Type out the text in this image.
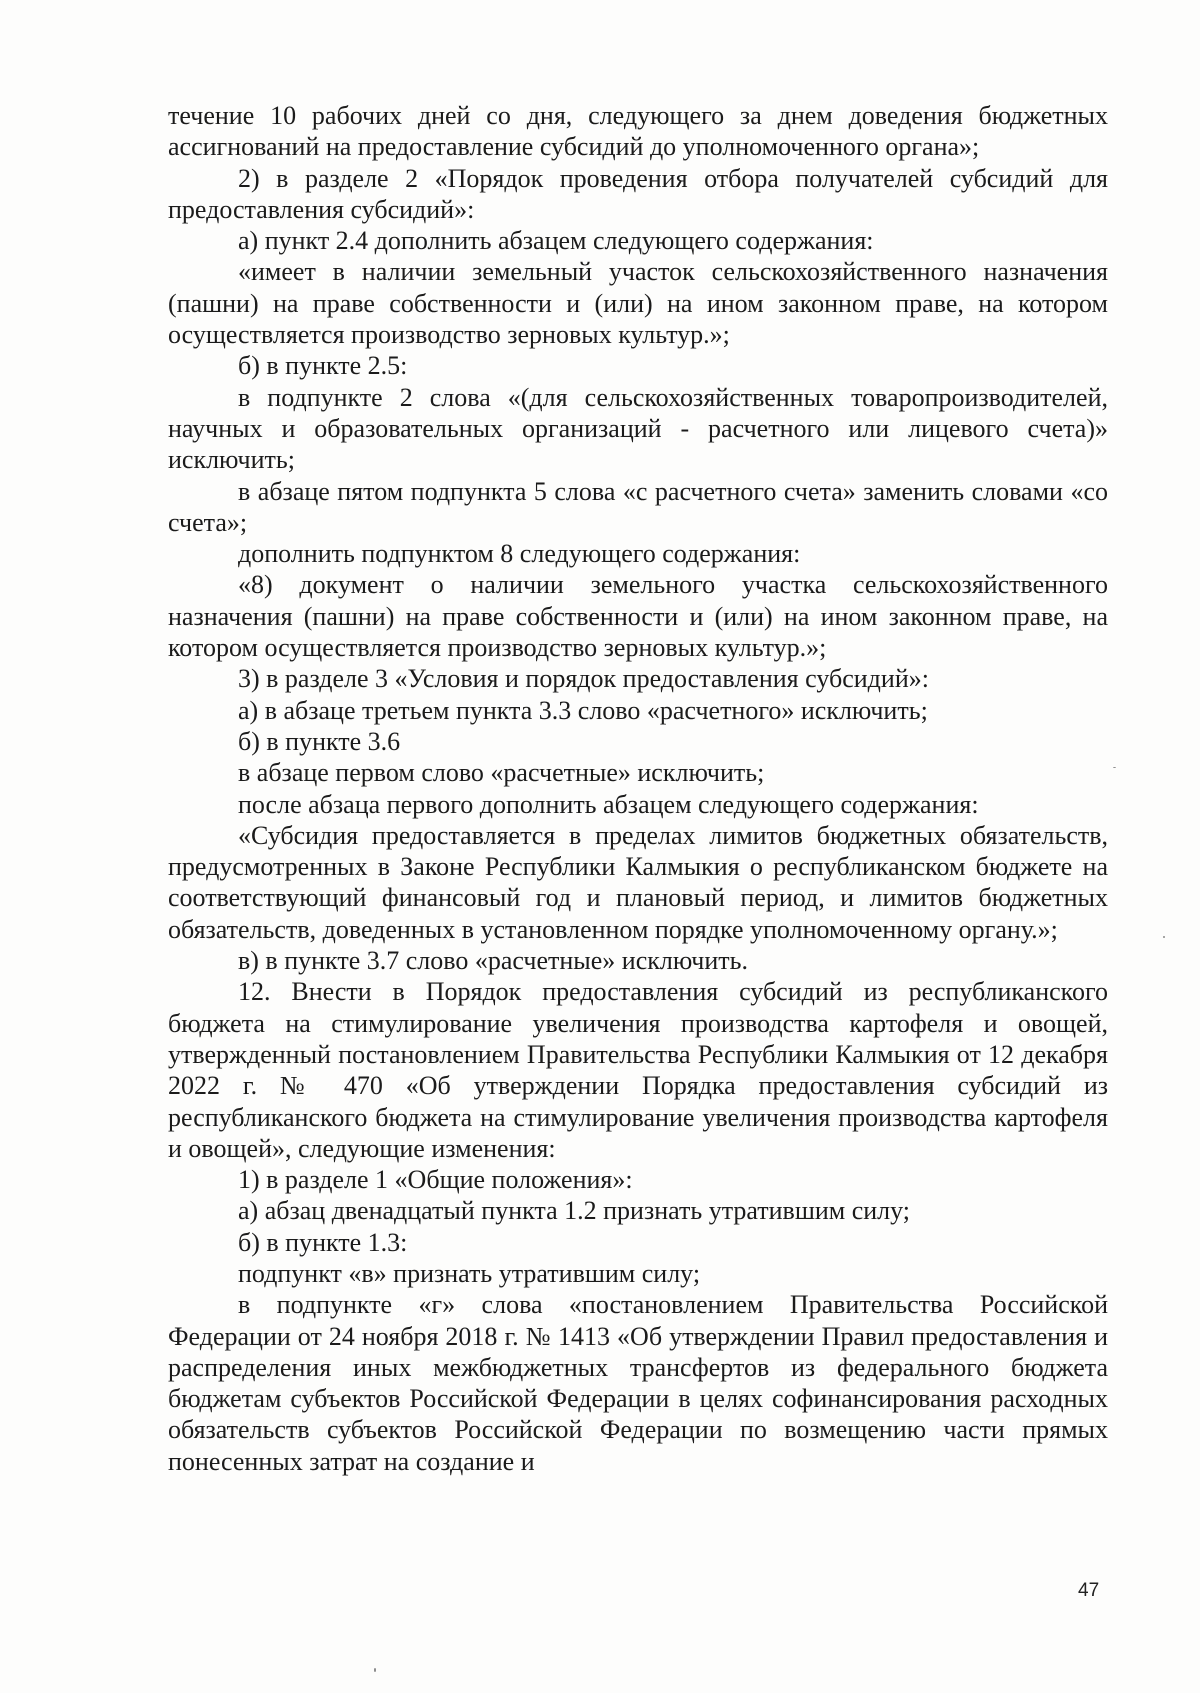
течение 10 рабочих дней со дня, следующего за днем доведения бюджетных ассигнований на предоставление субсидий до уполномоченного органа»;

2) в разделе 2 «Порядок проведения отбора получателей субсидий для предоставления субсидий»:

а) пункт 2.4 дополнить абзацем следующего содержания:

«имеет в наличии земельный участок сельскохозяйственного назначения (пашни) на праве собственности и (или) на ином законном праве, на котором осуществляется производство зерновых культур.»;

б) в пункте 2.5:

в подпункте 2 слова «(для сельскохозяйственных товаропроизводителей, научных и образовательных организаций - расчетного или лицевого счета)» исключить;

в абзаце пятом подпункта 5 слова «с расчетного счета» заменить словами «со счета»;

дополнить подпунктом 8 следующего содержания:

«8) документ о наличии земельного участка сельскохозяйственного назначения (пашни) на праве собственности и (или) на ином законном праве, на котором осуществляется производство зерновых культур.»;

3) в разделе 3 «Условия и порядок предоставления субсидий»:

а) в абзаце третьем пункта 3.3 слово «расчетного» исключить;

б) в пункте 3.6

в абзаце первом слово «расчетные» исключить;

после абзаца первого дополнить абзацем следующего содержания:

«Субсидия предоставляется в пределах лимитов бюджетных обязательств, предусмотренных в Законе Республики Калмыкия о республиканском бюджете на соответствующий финансовый год и плановый период, и лимитов бюджетных обязательств, доведенных в установленном порядке уполномоченному органу.»;

в) в пункте 3.7 слово «расчетные» исключить.

12. Внести в Порядок предоставления субсидий из республиканского бюджета на стимулирование увеличения производства картофеля и овощей, утвержденный постановлением Правительства Республики Калмыкия от 12 декабря 2022 г. № 470 «Об утверждении Порядка предоставления субсидий из республиканского бюджета на стимулирование увеличения производства картофеля и овощей», следующие изменения:

1) в разделе 1 «Общие положения»:

а) абзац двенадцатый пункта 1.2 признать утратившим силу;

б) в пункте 1.3:

подпункт «в» признать утратившим силу;

в подпункте «г» слова «постановлением Правительства Российской Федерации от 24 ноября 2018 г. № 1413 «Об утверждении Правил предоставления и распределения иных межбюджетных трансфертов из федерального бюджета бюджетам субъектов Российской Федерации в целях софинансирования расходных обязательств субъектов Российской Федерации по возмещению части прямых понесенных затрат на создание и

47
